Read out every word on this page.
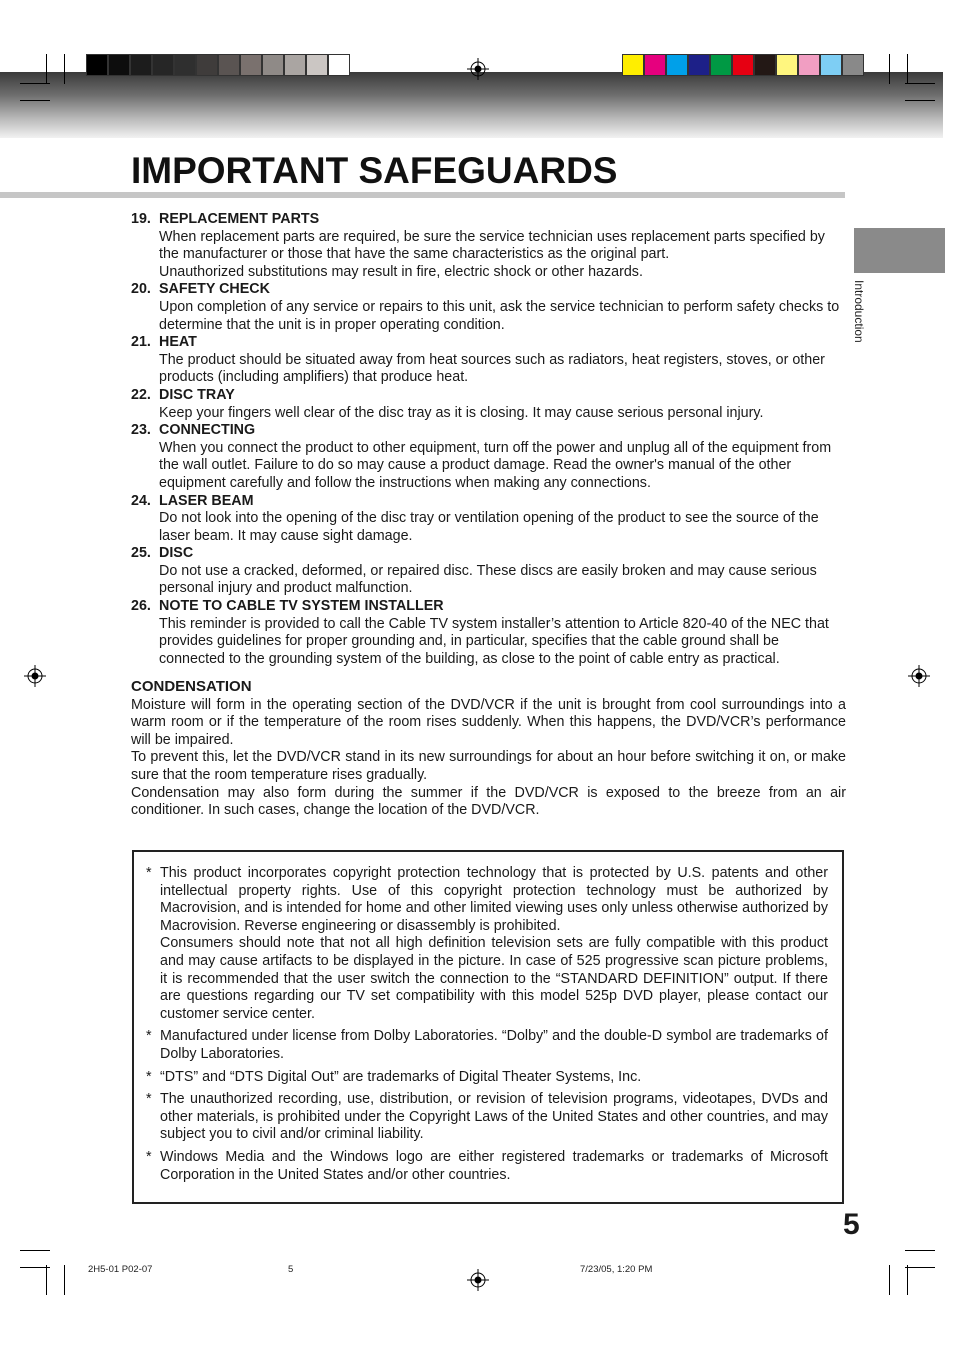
IMPORTANT SAFEGUARDS
Introduction
19. REPLACEMENT PARTS
When replacement parts are required, be sure the service technician uses replacement parts specified by the manufacturer or those that have the same characteristics as the original part.
Unauthorized substitutions may result in fire, electric shock or other hazards.
20. SAFETY CHECK
Upon completion of any service or repairs to this unit, ask the service technician to perform safety checks to determine that the unit is in proper operating condition.
21. HEAT
The product should be situated away from heat sources such as radiators, heat registers, stoves, or other products (including amplifiers) that produce heat.
22. DISC TRAY
Keep your fingers well clear of the disc tray as it is closing. It may cause serious personal injury.
23. CONNECTING
When you connect the product to other equipment, turn off the power and unplug all of the equipment from the wall outlet. Failure to do so may cause a product damage. Read the owner's manual of the other equipment carefully and follow the instructions when making any connections.
24. LASER BEAM
Do not look into the opening of the disc tray or ventilation opening of the product to see the source of the laser beam. It may cause sight damage.
25. DISC
Do not use a cracked, deformed, or repaired disc. These discs are easily broken and may cause serious personal injury and product malfunction.
26. NOTE TO CABLE TV SYSTEM INSTALLER
This reminder is provided to call the Cable TV system installer’s attention to Article 820-40 of the NEC that provides guidelines for proper grounding and, in particular, specifies that the cable ground shall be connected to the grounding system of the building, as close to the point of cable entry as practical.
CONDENSATION

Moisture will form in the operating section of the DVD/VCR if the unit is brought from cool surroundings into a warm room or if the temperature of the room rises suddenly. When this happens, the DVD/VCR’s performance will be impaired.

To prevent this, let the DVD/VCR stand in its new surroundings for about an hour before switching it on, or make sure that the room temperature rises gradually.

Condensation may also form during the summer if the DVD/VCR is exposed to the breeze from an air conditioner. In such cases, change the location of the DVD/VCR.

* This product incorporates copyright protection technology that is protected by U.S. patents and other intellectual property rights. Use of this copyright protection technology must be authorized by Macrovision, and is intended for home and other limited viewing uses only unless otherwise authorized by Macrovision. Reverse engineering or disassembly is prohibited.

Consumers should note that not all high definition television sets are fully compatible with this product and may cause artifacts to be displayed in the picture. In case of 525 progressive scan picture problems, it is recommended that the user switch the connection to the “STANDARD DEFINITION” output. If there are questions regarding our TV set compatibility with this model 525p DVD player, please contact our customer service center.

* Manufactured under license from Dolby Laboratories. “Dolby” and the double-D symbol are trademarks of Dolby Laboratories.

* “DTS” and “DTS Digital Out” are trademarks of Digital Theater Systems, Inc.

* The unauthorized recording, use, distribution, or revision of television programs, videotapes, DVDs and other materials, is prohibited under the Copyright Laws of the United States and other countries, and may subject you to civil and/or criminal liability.

* Windows Media and the Windows logo are either registered trademarks or trademarks of Microsoft Corporation in the United States and/or other countries.

5
2H5-01 P02-07	5	7/23/05, 1:20 PM
